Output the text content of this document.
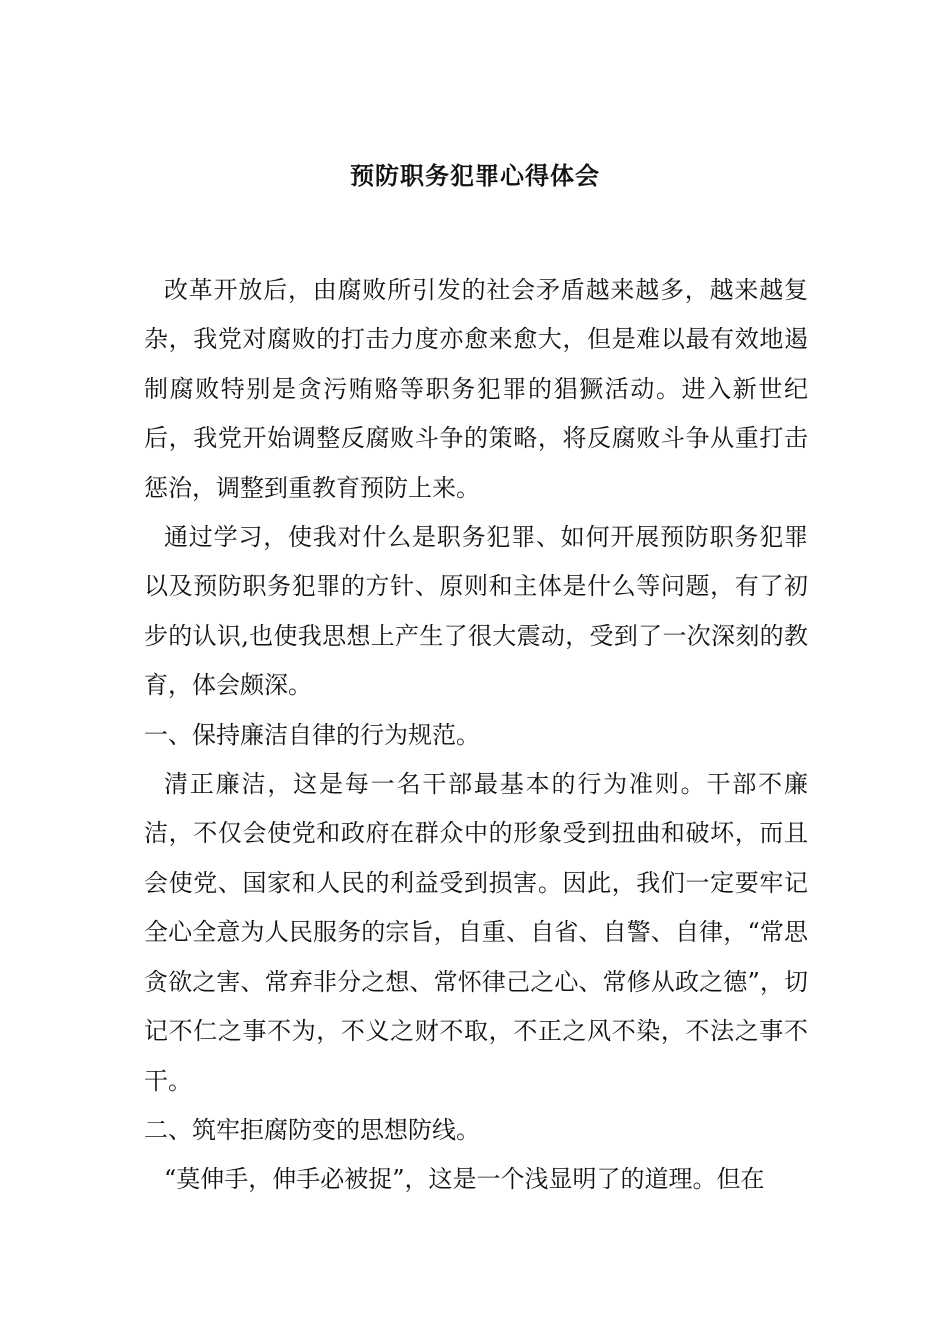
预防职务犯罪心得体会

改革开放后，由腐败所引发的社会矛盾越来越多，越来越复杂，我党对腐败的打击力度亦愈来愈大，但是难以最有效地遏制腐败特别是贪污贿赂等职务犯罪的猖獗活动。进入新世纪后，我党开始调整反腐败斗争的策略，将反腐败斗争从重打击惩治，调整到重教育预防上来。

通过学习，使我对什么是职务犯罪、如何开展预防职务犯罪以及预防职务犯罪的方针、原则和主体是什么等问题，有了初步的认识,也使我思想上产生了很大震动，受到了一次深刻的教育，体会颇深。

一、保持廉洁自律的行为规范。

清正廉洁，这是每一名干部最基本的行为准则。干部不廉洁，不仅会使党和政府在群众中的形象受到扭曲和破坏，而且会使党、国家和人民的利益受到损害。因此，我们一定要牢记全心全意为人民服务的宗旨，自重、自省、自警、自律，“常思贪欲之害、常弃非分之想、常怀律己之心、常修从政之德”，切记不仁之事不为，不义之财不取，不正之风不染，不法之事不干。

二、筑牢拒腐防变的思想防线。

“莫伸手，伸手必被捉”，这是一个浅显明了的道理。但在
